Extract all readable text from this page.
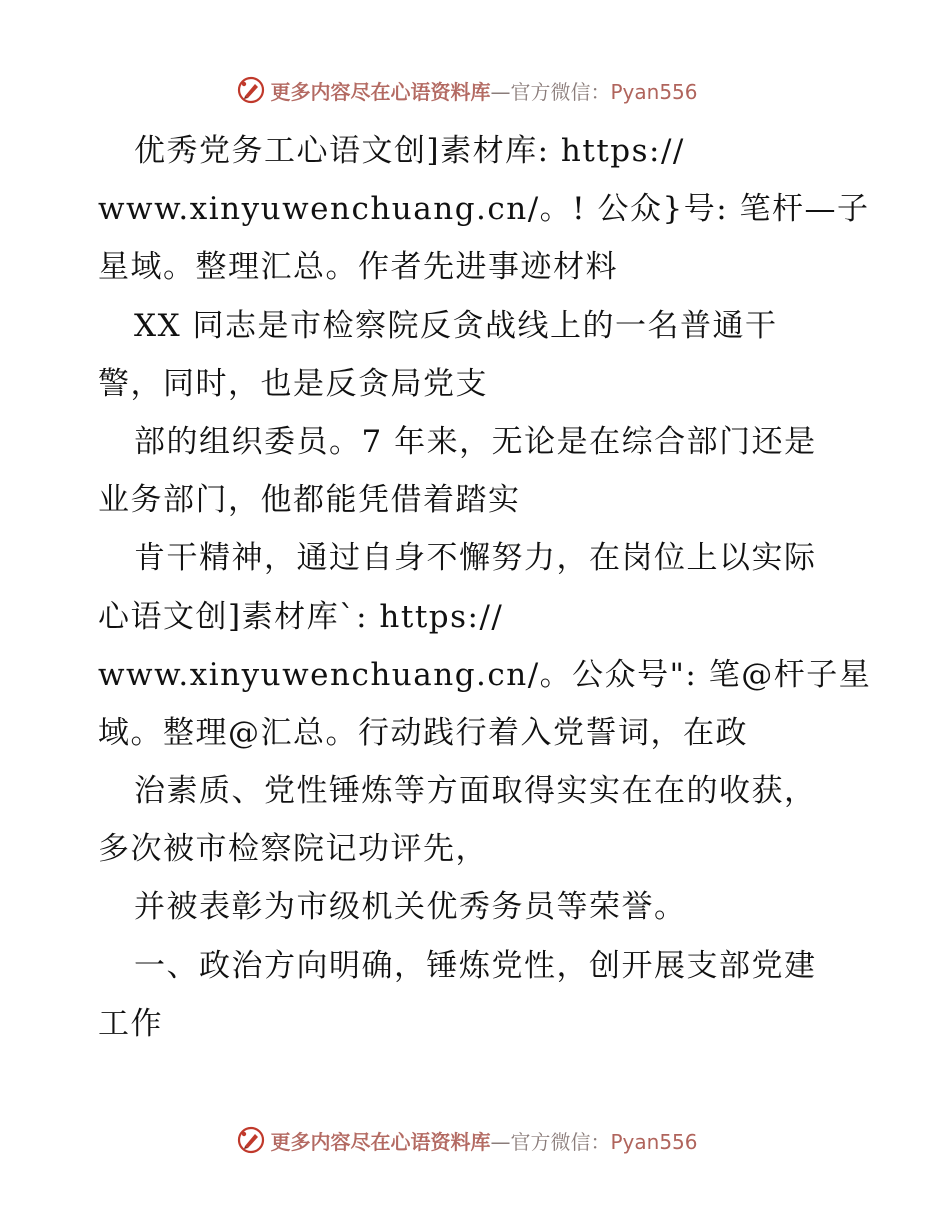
更多内容尽在心语资料库—官方微信：Pyan556
优秀党务工心语文创]素材库: https://
www.xinyuwenchuang.cn/。! 公众}号: 笔杆—子
星域。整理汇总。作者先进事迹材料
XX 同志是市检察院反贪战线上的一名普通干
警，同时，也是反贪局党支
部的组织委员。7 年来，无论是在综合部门还是
业务部门，他都能凭借着踏实
肯干精神，通过自身不懈努力，在岗位上以实际
心语文创]素材库`: https://
www.xinyuwenchuang.cn/。公众号": 笔@杆子星
域。整理@汇总。行动践行着入党誓词，在政
治素质、党性锤炼等方面取得实实在在的收获，
多次被市检察院记功评先，
并被表彰为市级机关优秀务员等荣誉。
一、政治方向明确，锤炼党性，创开展支部党建
工作
更多内容尽在心语资料库—官方微信：Pyan556
